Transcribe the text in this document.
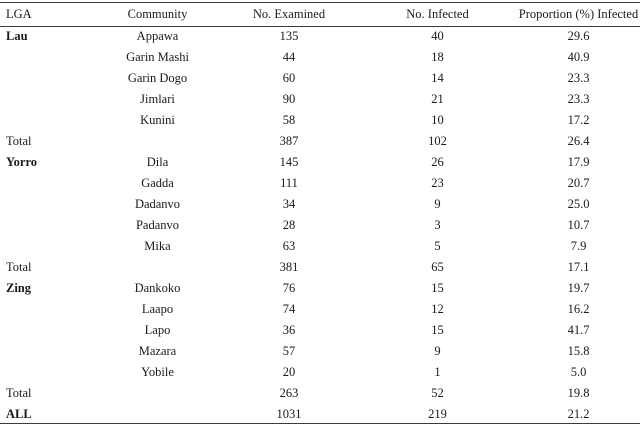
LGA	Community	No. Examined	No. Infected	Proportion (%) Infected
Lau	Appawa	135	40	29.6
	Garin Mashi	44	18	40.9
	Garin Dogo	60	14	23.3
	Jimlari	90	21	23.3
	Kunini	58	10	17.2
Total		387	102	26.4
Yorro	Dila	145	26	17.9
	Gadda	111	23	20.7
	Dadanvo	34	9	25.0
	Padanvo	28	3	10.7
	Mika	63	5	7.9
Total		381	65	17.1
Zing	Dankoko	76	15	19.7
	Laapo	74	12	16.2
	Lapo	36	15	41.7
	Mazara	57	9	15.8
	Yobile	20	1	5.0
Total		263	52	19.8
ALL		1031	219	21.2
